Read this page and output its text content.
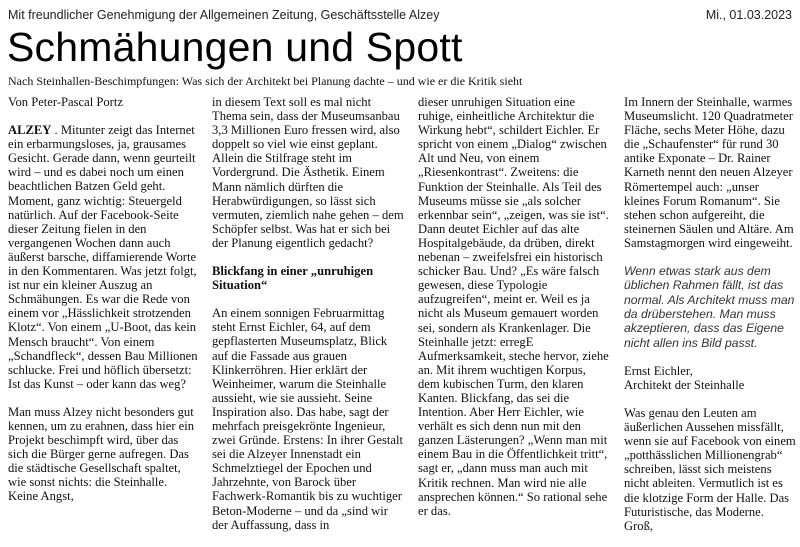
Mit freundlicher Genehmigung der Allgemeinen Zeitung, Geschäftsstelle Alzey	Mi., 01.03.2023
Schmähungen und Spott
Nach Steinhallen-Beschimpfungen: Was sich der Architekt bei Planung dachte – und wie er die Kritik sieht

Von Peter-Pascal Portz

ALZEY . Mitunter zeigt das Internet ein erbarmungsloses, ja, grausames Gesicht. Gerade dann, wenn geurteilt wird – und es dabei noch um einen beachtlichen Batzen Geld geht. Moment, ganz wichtig: Steuergeld natürlich. Auf der Facebook-Seite dieser Zeitung fielen in den vergangenen Wochen dann auch äußerst barsche, diffamierende Worte in den Kommentaren. Was jetzt folgt, ist nur ein kleiner Auszug an Schmähungen. Es war die Rede von einem vor „Hässlichkeit strotzenden Klotz“. Von einem „U-Boot, das kein Mensch braucht“. Von einem „Schandfleck“, dessen Bau Millionen schlucke. Frei und höflich übersetzt: Ist das Kunst – oder kann das weg?

Man muss Alzey nicht besonders gut kennen, um zu erahnen, dass hier ein Projekt beschimpft wird, über das sich die Bürger gerne aufregen. Das die städtische Gesellschaft spaltet, wie sonst nichts: die Steinhalle. Keine Angst,

in diesem Text soll es mal nicht Thema sein, dass der Museumsanbau 3,3 Millionen Euro fressen wird, also doppelt so viel wie einst geplant. Allein die Stilfrage steht im Vordergrund. Die Ästhetik. Einem Mann nämlich dürften die Herabwürdigungen, so lässt sich vermuten, ziemlich nahe gehen – dem Schöpfer selbst. Was hat er sich bei der Planung eigentlich gedacht?

Blickfang in einer „unruhigen Situation“

An einem sonnigen Februarmittag steht Ernst Eichler, 64, auf dem gepflasterten Museumsplatz, Blick auf die Fassade aus grauen Klinkerröhren. Hier erklärt der Weinheimer, warum die Steinhalle aussieht, wie sie aussieht. Seine Inspiration also. Das habe, sagt der mehrfach preisgekrönte Ingenieur, zwei Gründe. Erstens: In ihrer Gestalt sei die Alzeyer Innenstadt ein Schmelztiegel der Epochen und Jahrzehnte, von Barock über Fachwerk-Romantik bis zu wuchtiger Beton-Moderne – und da „sind wir der Auffassung, dass in

dieser unruhigen Situation eine ruhige, einheitliche Architektur die Wirkung hebt“, schildert Eichler. Er spricht von einem „Dialog“ zwischen Alt und Neu, von einem „Riesenkontrast“. Zweitens: die Funktion der Steinhalle. Als Teil des Museums müsse sie „als solcher erkennbar sein“, „zeigen, was sie ist“. Dann deutet Eichler auf das alte Hospitalgebäude, da drüben, direkt nebenan – zweifelsfrei ein historisch schicker Bau. Und? „Es wäre falsch gewesen, diese Typologie aufzugreifen“, meint er. Weil es ja nicht als Museum gemauert worden sei, sondern als Krankenlager. Die Steinhalle jetzt: erregE Aufmerksamkeit, steche hervor, ziehe an. Mit ihrem wuchtigen Korpus, dem kubischen Turm, den klaren Kanten. Blickfang, das sei die Intention. Aber Herr Eichler, wie verhält es sich denn nun mit den ganzen Lästerungen? „Wenn man mit einem Bau in die Öffentlichkeit tritt“, sagt er, „dann muss man auch mit Kritik rechnen. Man wird nie alle ansprechen können.“ So rational sehe er das.

Im Innern der Steinhalle, warmes Museumslicht. 120 Quadratmeter Fläche, sechs Meter Höhe, dazu die „Schaufenster“ für rund 30 antike Exponate – Dr. Rainer Karneth nennt den neuen Alzeyer Römertempel auch: „unser kleines Forum Romanum“. Sie stehen schon aufgereiht, die steinernen Säulen und Altäre. Am Samstagmorgen wird eingeweiht.

Wenn etwas stark aus dem üblichen Rahmen fällt, ist das normal. Als Architekt muss man da drüberstehen. Man muss akzeptieren, dass das Eigene nicht allen ins Bild passt.

Ernst Eichler,
Architekt der Steinhalle

Was genau den Leuten am äußerlichen Aussehen missfällt, wenn sie auf Facebook von einem „potthässlichen Millionengrab“ schreiben, lässt sich meistens nicht ableiten. Vermutlich ist es die klotzige Form der Halle. Das Futuristische, das Moderne. Groß,
